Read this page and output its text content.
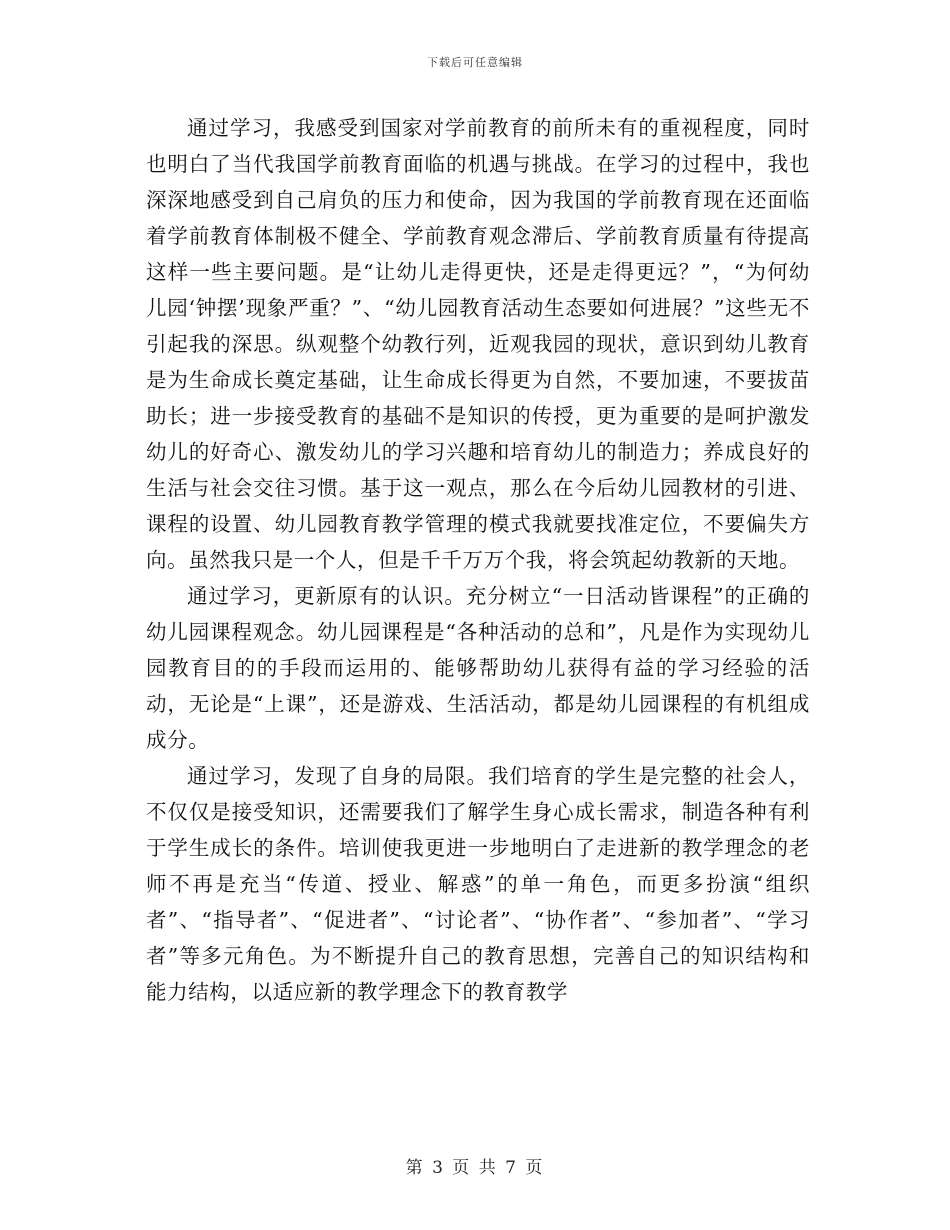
下载后可任意编辑

通过学习，我感受到国家对学前教育的前所未有的重视程度，同时也明白了当代我国学前教育面临的机遇与挑战。在学习的过程中，我也深深地感受到自己肩负的压力和使命，因为我国的学前教育现在还面临着学前教育体制极不健全、学前教育观念滞后、学前教育质量有待提高这样一些主要问题。是“让幼儿走得更快，还是走得更远？”，“为何幼儿园‘钟摆’现象严重？”、“幼儿园教育活动生态要如何进展？”这些无不引起我的深思。纵观整个幼教行列，近观我园的现状，意识到幼儿教育是为生命成长奠定基础，让生命成长得更为自然，不要加速，不要拔苗助长；进一步接受教育的基础不是知识的传授，更为重要的是呵护激发幼儿的好奇心、激发幼儿的学习兴趣和培育幼儿的制造力；养成良好的生活与社会交往习惯。基于这一观点，那么在今后幼儿园教材的引进、课程的设置、幼儿园教育教学管理的模式我就要找准定位，不要偏失方向。虽然我只是一个人，但是千千万万个我，将会筑起幼教新的天地。

通过学习，更新原有的认识。充分树立“一日活动皆课程”的正确的幼儿园课程观念。幼儿园课程是“各种活动的总和”，凡是作为实现幼儿园教育目的的手段而运用的、能够帮助幼儿获得有益的学习经验的活动，无论是“上课”，还是游戏、生活活动，都是幼儿园课程的有机组成成分。

通过学习，发现了自身的局限。我们培育的学生是完整的社会人，不仅仅是接受知识，还需要我们了解学生身心成长需求，制造各种有利于学生成长的条件。培训使我更进一步地明白了走进新的教学理念的老师不再是充当“传道、授业、解惑”的单一角色，而更多扮演“组织者”、“指导者”、“促进者”、“讨论者”、“协作者”、“参加者”、“学习者”等多元角色。为不断提升自己的教育思想，完善自己的知识结构和能力结构，以适应新的教学理念下的教育教学

第 3 页 共 7 页
